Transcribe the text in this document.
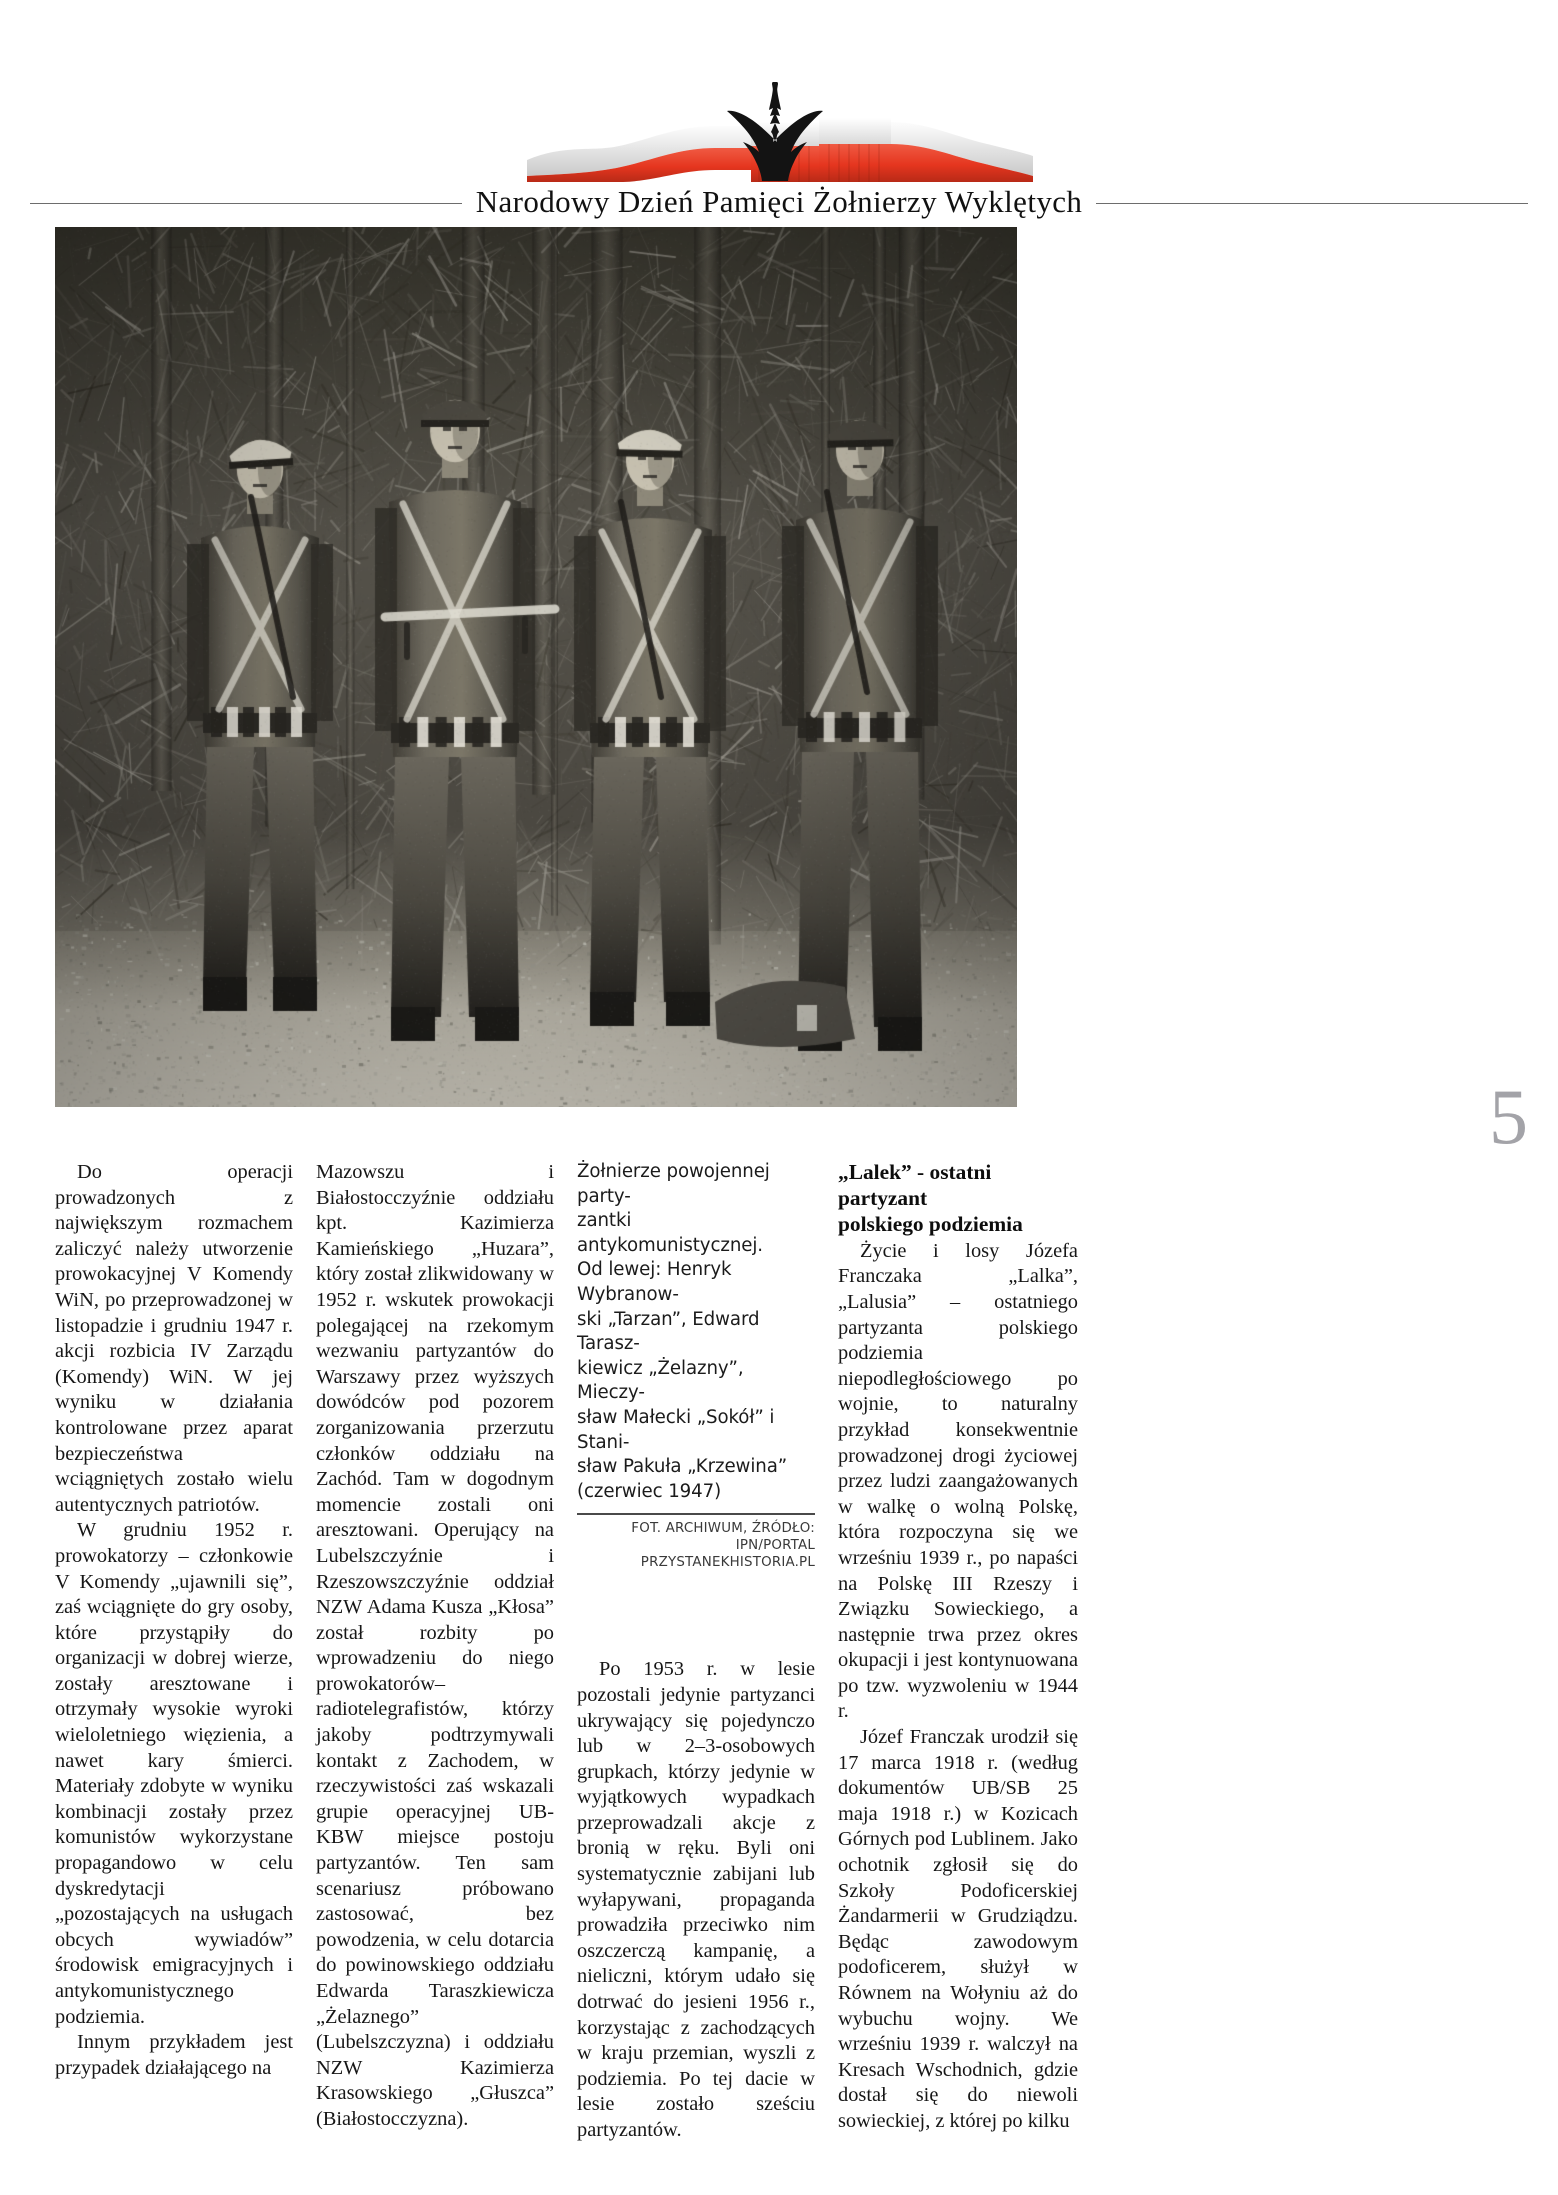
Narodowy Dzień Pamięci Żołnierzy Wyklętych
5

Do operacji prowadzonych z największym rozmachem zaliczyć należy utworzenie prowokacyjnej V Komendy WiN, po przeprowadzonej w listopadzie i grudniu 1947 r. akcji rozbicia IV Zarządu (Komendy) WiN. W jej wyniku w działania kontrolowane przez aparat bezpieczeństwa wciągniętych zostało wielu autentycznych patriotów.

W grudniu 1952 r. prowokatorzy – członkowie V Komendy „ujawnili się”, zaś wciągnięte do gry osoby, które przystąpiły do organizacji w dobrej wierze, zostały aresztowane i otrzymały wysokie wyroki wieloletniego więzienia, a nawet kary śmierci. Materiały zdobyte w wyniku kombinacji zostały przez komunistów wykorzystane propagandowo w celu dyskredytacji „pozostających na usługach obcych wywiadów” środowisk emigracyjnych i antykomunistycznego podziemia.

Innym przykładem jest przypadek działającego na

Mazowszu i Białostocczyźnie oddziału kpt. Kazimierza Kamieńskiego „Huzara”, który został zlikwidowany w 1952 r. wskutek prowokacji polegającej na rzekomym wezwaniu partyzantów do Warszawy przez wyższych dowódców pod pozorem zorganizowania przerzutu członków oddziału na Zachód. Tam w dogodnym momencie zostali oni aresztowani. Operujący na Lubelszczyźnie i Rzeszowszczyźnie oddział NZW Adama Kusza „Kłosa” został rozbity po wprowadzeniu do niego prowokatorów–radiotelegrafistów, którzy jakoby podtrzymywali kontakt z Zachodem, w rzeczywistości zaś wskazali grupie operacyjnej UB-KBW miejsce postoju partyzantów. Ten sam scenariusz próbowano zastosować, bez powodzenia, w celu dotarcia do powinowskiego oddziału Edwarda Taraszkiewicza „Żelaznego” (Lubelszczyzna) i oddziału NZW Kazimierza Krasowskiego „Głuszca” (Białostocczyzna).

Żołnierze powojennej party-

zantki antykomunistycznej.

Od lewej: Henryk Wybranow-

ski „Tarzan”, Edward Tarasz-

kiewicz „Żelazny”, Mieczy-

sław Małecki „Sokół” i Stani-

sław Pakuła „Krzewina”

(czerwiec 1947)

FOT. ARCHIWUM, ŹRÓDŁO: IPN/PORTAL

PRZYSTANEKHISTORIA.PL

Po 1953 r. w lesie pozostali jedynie partyzanci ukrywający się pojedynczo lub w 2–3-osobowych grupkach, którzy jedynie w wyjątkowych wypadkach przeprowadzali akcje z bronią w ręku. Byli oni systematycznie zabijani lub wyłapywani, propaganda prowadziła przeciwko nim oszczerczą kampanię, a nieliczni, którym udało się dotrwać do jesieni 1956 r., korzystając z zachodzących w kraju przemian, wyszli z podziemia. Po tej dacie w lesie zostało sześciu partyzantów.

„Lalek” - ostatni partyzant
polskiego podziemia

Życie i losy Józefa Franczaka „Lalka”, „Lalusia” – ostatniego partyzanta polskiego podziemia niepodległościowego po wojnie, to naturalny przykład konsekwentnie prowadzonej drogi życiowej przez ludzi zaangażowanych w walkę o wolną Polskę, która rozpoczyna się we wrześniu 1939 r., po napaści na Polskę III Rzeszy i Związku Sowieckiego, a następnie trwa przez okres okupacji i jest kontynuowana po tzw. wyzwoleniu w 1944 r.

Józef Franczak urodził się 17 marca 1918 r. (według dokumentów UB/SB 25 maja 1918 r.) w Kozicach Górnych pod Lublinem. Jako ochotnik zgłosił się do Szkoły Podoficerskiej Żandarmerii w Grudziądzu. Będąc zawodowym podoficerem, służył w Równem na Wołyniu aż do wybuchu wojny. We wrześniu 1939 r. walczył na Kresach Wschodnich, gdzie dostał się do niewoli sowieckiej, z której po kilku
